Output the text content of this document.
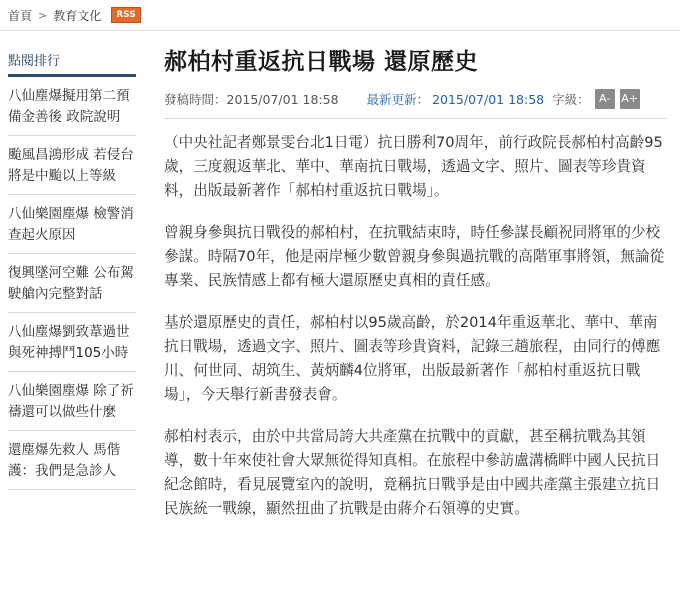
首頁 > 教育文化	RSS
點閱排行
八仙塵爆擬用第二預備金善後 政院說明
颱風昌鴻形成 若侵台將是中颱以上等級
八仙樂園塵爆 檢警消查起火原因
復興墜河空難 公布駕駛艙內完整對話
八仙塵爆劉致葦過世 與死神搏鬥105小時
八仙樂園塵爆 除了祈禱還可以做些什麼
還塵爆先救人 馬偕護：我們是急診人
郝柏村重返抗日戰場 還原歷史
發稿時間：2015/07/01 18:58 最新更新： 2015/07/01 18:58 字級： A-	A+

（中央社記者鄭景雯台北1日電）抗日勝利70周年，前行政院長郝柏村高齡95歲，三度親返華北、華中、華南抗日戰場，透過文字、照片、圖表等珍貴資料，出版最新著作「郝柏村重返抗日戰場」。

曾親身參與抗日戰役的郝柏村，在抗戰結束時，時任參謀長顧祝同將軍的少校參謀。時隔70年，他是兩岸極少數曾親身參與過抗戰的高階軍事將領，無論從專業、民族情感上都有極大還原歷史真相的責任感。

基於還原歷史的責任，郝柏村以95歲高齡，於2014年重返華北、華中、華南抗日戰場，透過文字、照片、圖表等珍貴資料，記錄三趟旅程，由同行的傅應川、何世同、胡筑生、黃炳麟4位將軍，出版最新著作「郝柏村重返抗日戰場」，今天舉行新書發表會。

郝柏村表示，由於中共當局誇大共產黨在抗戰中的貢獻，甚至稱抗戰為其領導，數十年來使社會大眾無從得知真相。在旅程中參訪盧溝橋畔中國人民抗日紀念館時，看見展覽室內的說明，竟稱抗日戰爭是由中國共產黨主張建立抗日民族統一戰線，顯然扭曲了抗戰是由蔣介石領導的史實。
